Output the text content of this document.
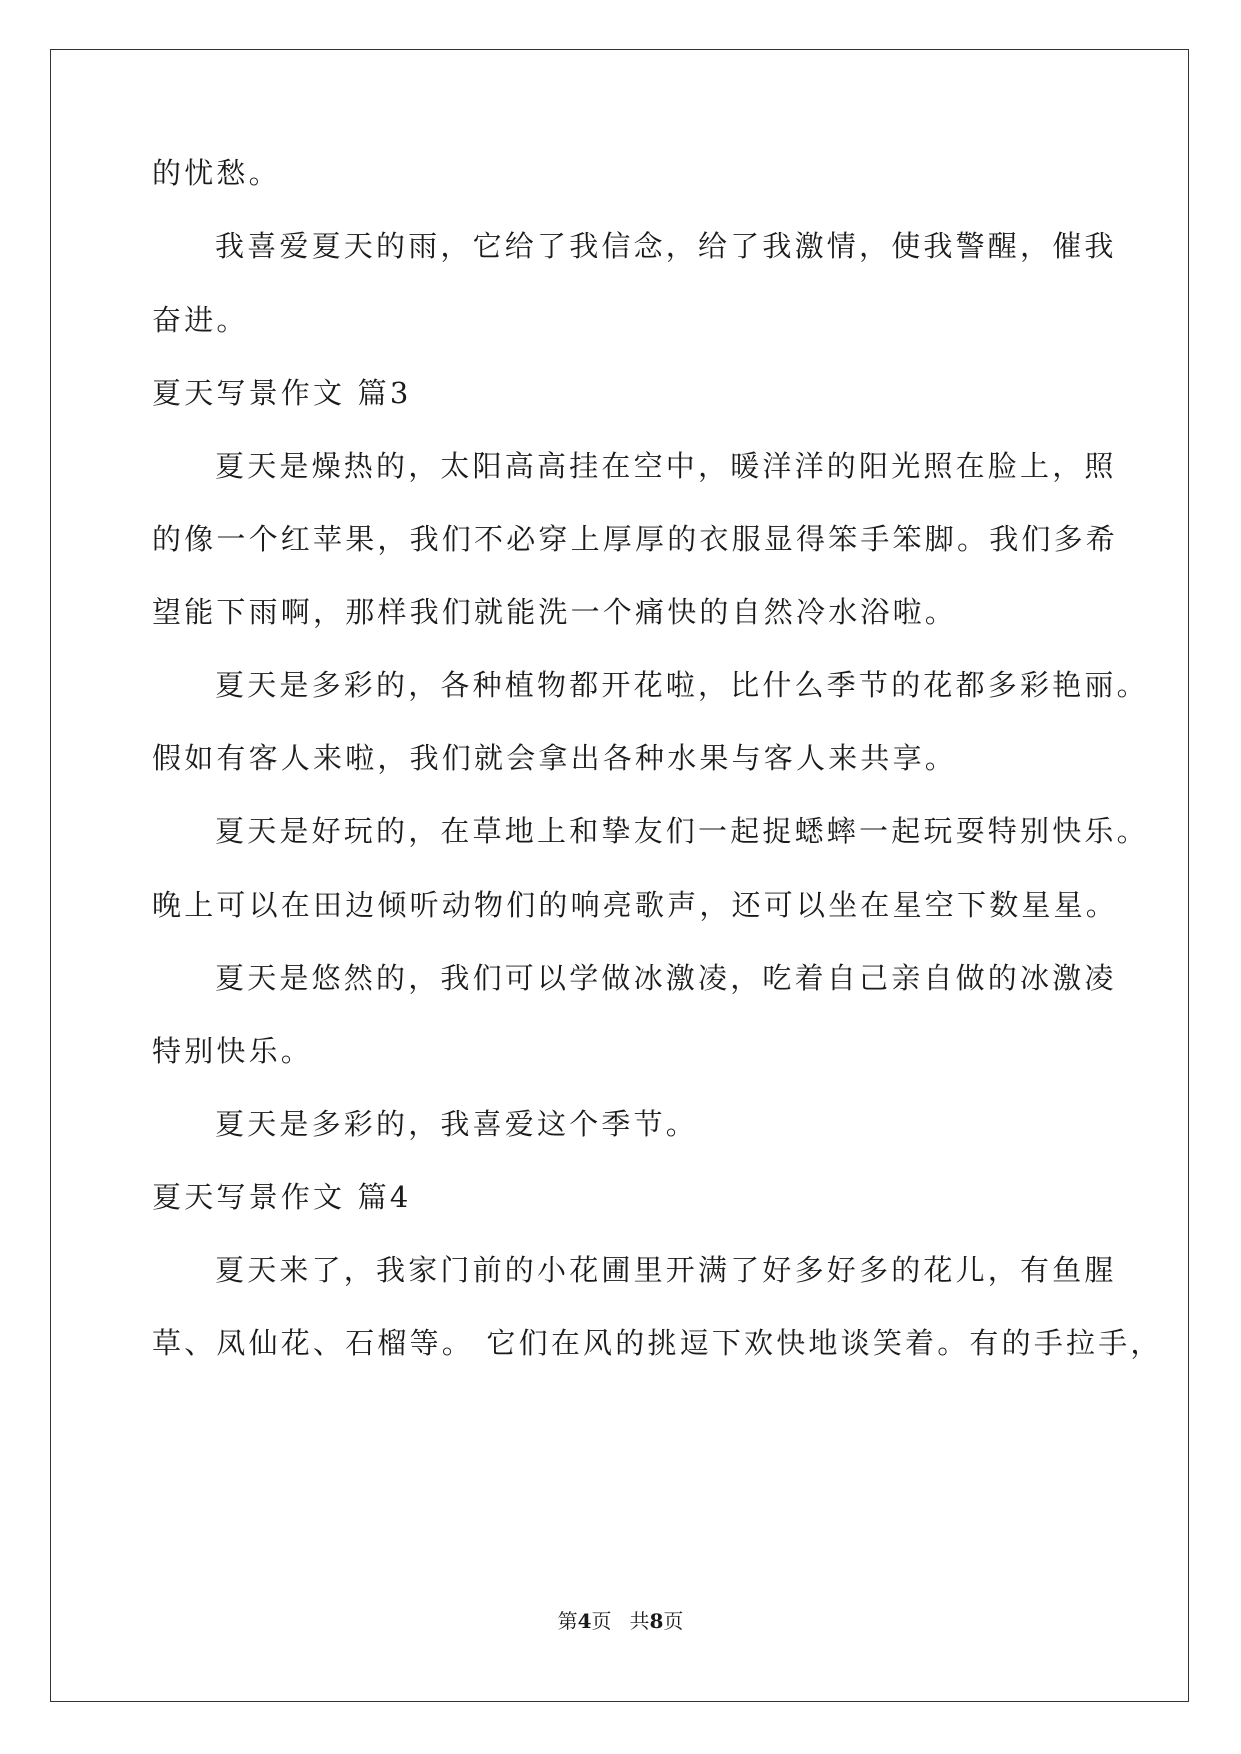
的忧愁。
我喜爱夏天的雨，它给了我信念，给了我激情，使我警醒，催我
奋进。
夏天写景作文 篇3
夏天是燥热的，太阳高高挂在空中，暖洋洋的阳光照在脸上，照
的像一个红苹果，我们不必穿上厚厚的衣服显得笨手笨脚。我们多希
望能下雨啊，那样我们就能洗一个痛快的自然冷水浴啦。
夏天是多彩的，各种植物都开花啦，比什么季节的花都多彩艳丽。
假如有客人来啦，我们就会拿出各种水果与客人来共享。
夏天是好玩的，在草地上和挚友们一起捉蟋蟀一起玩耍特别快乐。
晚上可以在田边倾听动物们的响亮歌声，还可以坐在星空下数星星。
夏天是悠然的，我们可以学做冰激凌，吃着自己亲自做的冰激凌
特别快乐。
夏天是多彩的，我喜爱这个季节。
夏天写景作文 篇4
夏天来了，我家门前的小花圃里开满了好多好多的花儿，有鱼腥
草、凤仙花、石榴等。 它们在风的挑逗下欢快地谈笑着。有的手拉手，
第4页 共8页
